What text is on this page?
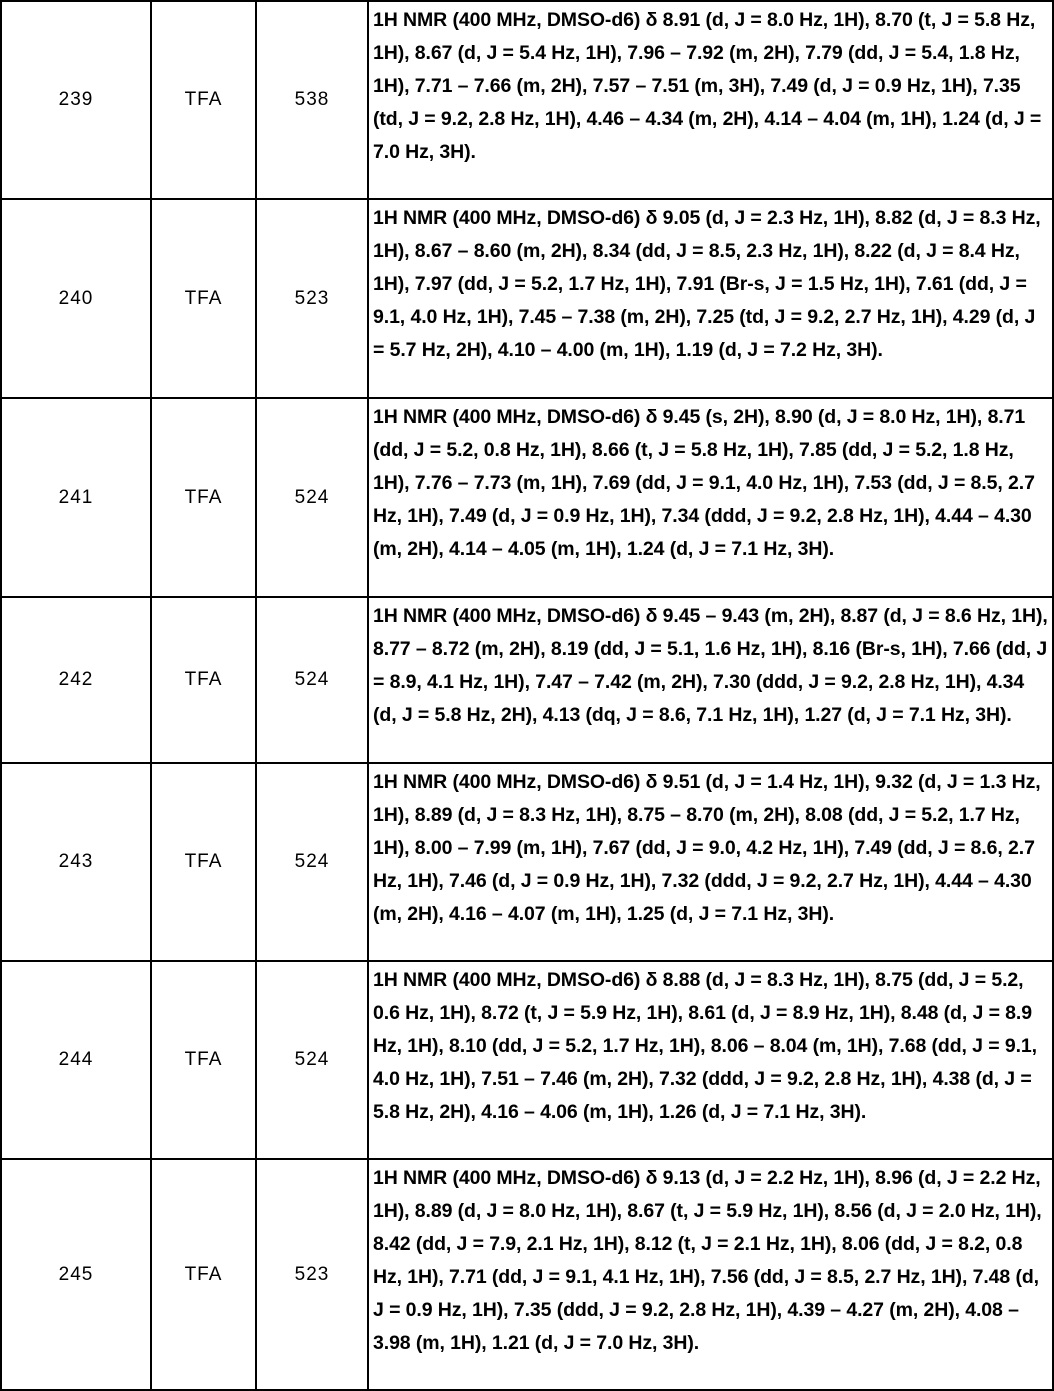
239	TFA	538	1H NMR (400 MHz, DMSO-d6) δ 8.91 (d, J = 8.0 Hz, 1H), 8.70 (t, J = 5.8 Hz, 1H), 8.67 (d, J = 5.4 Hz, 1H), 7.96 – 7.92 (m, 2H), 7.79 (dd, J = 5.4, 1.8 Hz, 1H), 7.71 – 7.66 (m, 2H), 7.57 – 7.51 (m, 3H), 7.49 (d, J = 0.9 Hz, 1H), 7.35 (td, J = 9.2, 2.8 Hz, 1H), 4.46 – 4.34 (m, 2H), 4.14 – 4.04 (m, 1H), 1.24 (d, J = 7.0 Hz, 3H).
240	TFA	523	1H NMR (400 MHz, DMSO-d6) δ 9.05 (d, J = 2.3 Hz, 1H), 8.82 (d, J = 8.3 Hz, 1H), 8.67 – 8.60 (m, 2H), 8.34 (dd, J = 8.5, 2.3 Hz, 1H), 8.22 (d, J = 8.4 Hz, 1H), 7.97 (dd, J = 5.2, 1.7 Hz, 1H), 7.91 (Br-s, J = 1.5 Hz, 1H), 7.61 (dd, J = 9.1, 4.0 Hz, 1H), 7.45 – 7.38 (m, 2H), 7.25 (td, J = 9.2, 2.7 Hz, 1H), 4.29 (d, J = 5.7 Hz, 2H), 4.10 – 4.00 (m, 1H), 1.19 (d, J = 7.2 Hz, 3H).
241	TFA	524	1H NMR (400 MHz, DMSO-d6) δ 9.45 (s, 2H), 8.90 (d, J = 8.0 Hz, 1H), 8.71 (dd, J = 5.2, 0.8 Hz, 1H), 8.66 (t, J = 5.8 Hz, 1H), 7.85 (dd, J = 5.2, 1.8 Hz, 1H), 7.76 – 7.73 (m, 1H), 7.69 (dd, J = 9.1, 4.0 Hz, 1H), 7.53 (dd, J = 8.5, 2.7 Hz, 1H), 7.49 (d, J = 0.9 Hz, 1H), 7.34 (ddd, J = 9.2, 2.8 Hz, 1H), 4.44 – 4.30 (m, 2H), 4.14 – 4.05 (m, 1H), 1.24 (d, J = 7.1 Hz, 3H).
242	TFA	524	1H NMR (400 MHz, DMSO-d6) δ 9.45 – 9.43 (m, 2H), 8.87 (d, J = 8.6 Hz, 1H), 8.77 – 8.72 (m, 2H), 8.19 (dd, J = 5.1, 1.6 Hz, 1H), 8.16 (Br-s, 1H), 7.66 (dd, J = 8.9, 4.1 Hz, 1H), 7.47 – 7.42 (m, 2H), 7.30 (ddd, J = 9.2, 2.8 Hz, 1H), 4.34 (d, J = 5.8 Hz, 2H), 4.13 (dq, J = 8.6, 7.1 Hz, 1H), 1.27 (d, J = 7.1 Hz, 3H).
243	TFA	524	1H NMR (400 MHz, DMSO-d6) δ 9.51 (d, J = 1.4 Hz, 1H), 9.32 (d, J = 1.3 Hz, 1H), 8.89 (d, J = 8.3 Hz, 1H), 8.75 – 8.70 (m, 2H), 8.08 (dd, J = 5.2, 1.7 Hz, 1H), 8.00 – 7.99 (m, 1H), 7.67 (dd, J = 9.0, 4.2 Hz, 1H), 7.49 (dd, J = 8.6, 2.7 Hz, 1H), 7.46 (d, J = 0.9 Hz, 1H), 7.32 (ddd, J = 9.2, 2.7 Hz, 1H), 4.44 – 4.30 (m, 2H), 4.16 – 4.07 (m, 1H), 1.25 (d, J = 7.1 Hz, 3H).
244	TFA	524	1H NMR (400 MHz, DMSO-d6) δ 8.88 (d, J = 8.3 Hz, 1H), 8.75 (dd, J = 5.2, 0.6 Hz, 1H), 8.72 (t, J = 5.9 Hz, 1H), 8.61 (d, J = 8.9 Hz, 1H), 8.48 (d, J = 8.9 Hz, 1H), 8.10 (dd, J = 5.2, 1.7 Hz, 1H), 8.06 – 8.04 (m, 1H), 7.68 (dd, J = 9.1, 4.0 Hz, 1H), 7.51 – 7.46 (m, 2H), 7.32 (ddd, J = 9.2, 2.8 Hz, 1H), 4.38 (d, J = 5.8 Hz, 2H), 4.16 – 4.06 (m, 1H), 1.26 (d, J = 7.1 Hz, 3H).
245	TFA	523	1H NMR (400 MHz, DMSO-d6) δ 9.13 (d, J = 2.2 Hz, 1H), 8.96 (d, J = 2.2 Hz, 1H), 8.89 (d, J = 8.0 Hz, 1H), 8.67 (t, J = 5.9 Hz, 1H), 8.56 (d, J = 2.0 Hz, 1H), 8.42 (dd, J = 7.9, 2.1 Hz, 1H), 8.12 (t, J = 2.1 Hz, 1H), 8.06 (dd, J = 8.2, 0.8 Hz, 1H), 7.71 (dd, J = 9.1, 4.1 Hz, 1H), 7.56 (dd, J = 8.5, 2.7 Hz, 1H), 7.48 (d, J = 0.9 Hz, 1H), 7.35 (ddd, J = 9.2, 2.8 Hz, 1H), 4.39 – 4.27 (m, 2H), 4.08 – 3.98 (m, 1H), 1.21 (d, J = 7.0 Hz, 3H).
